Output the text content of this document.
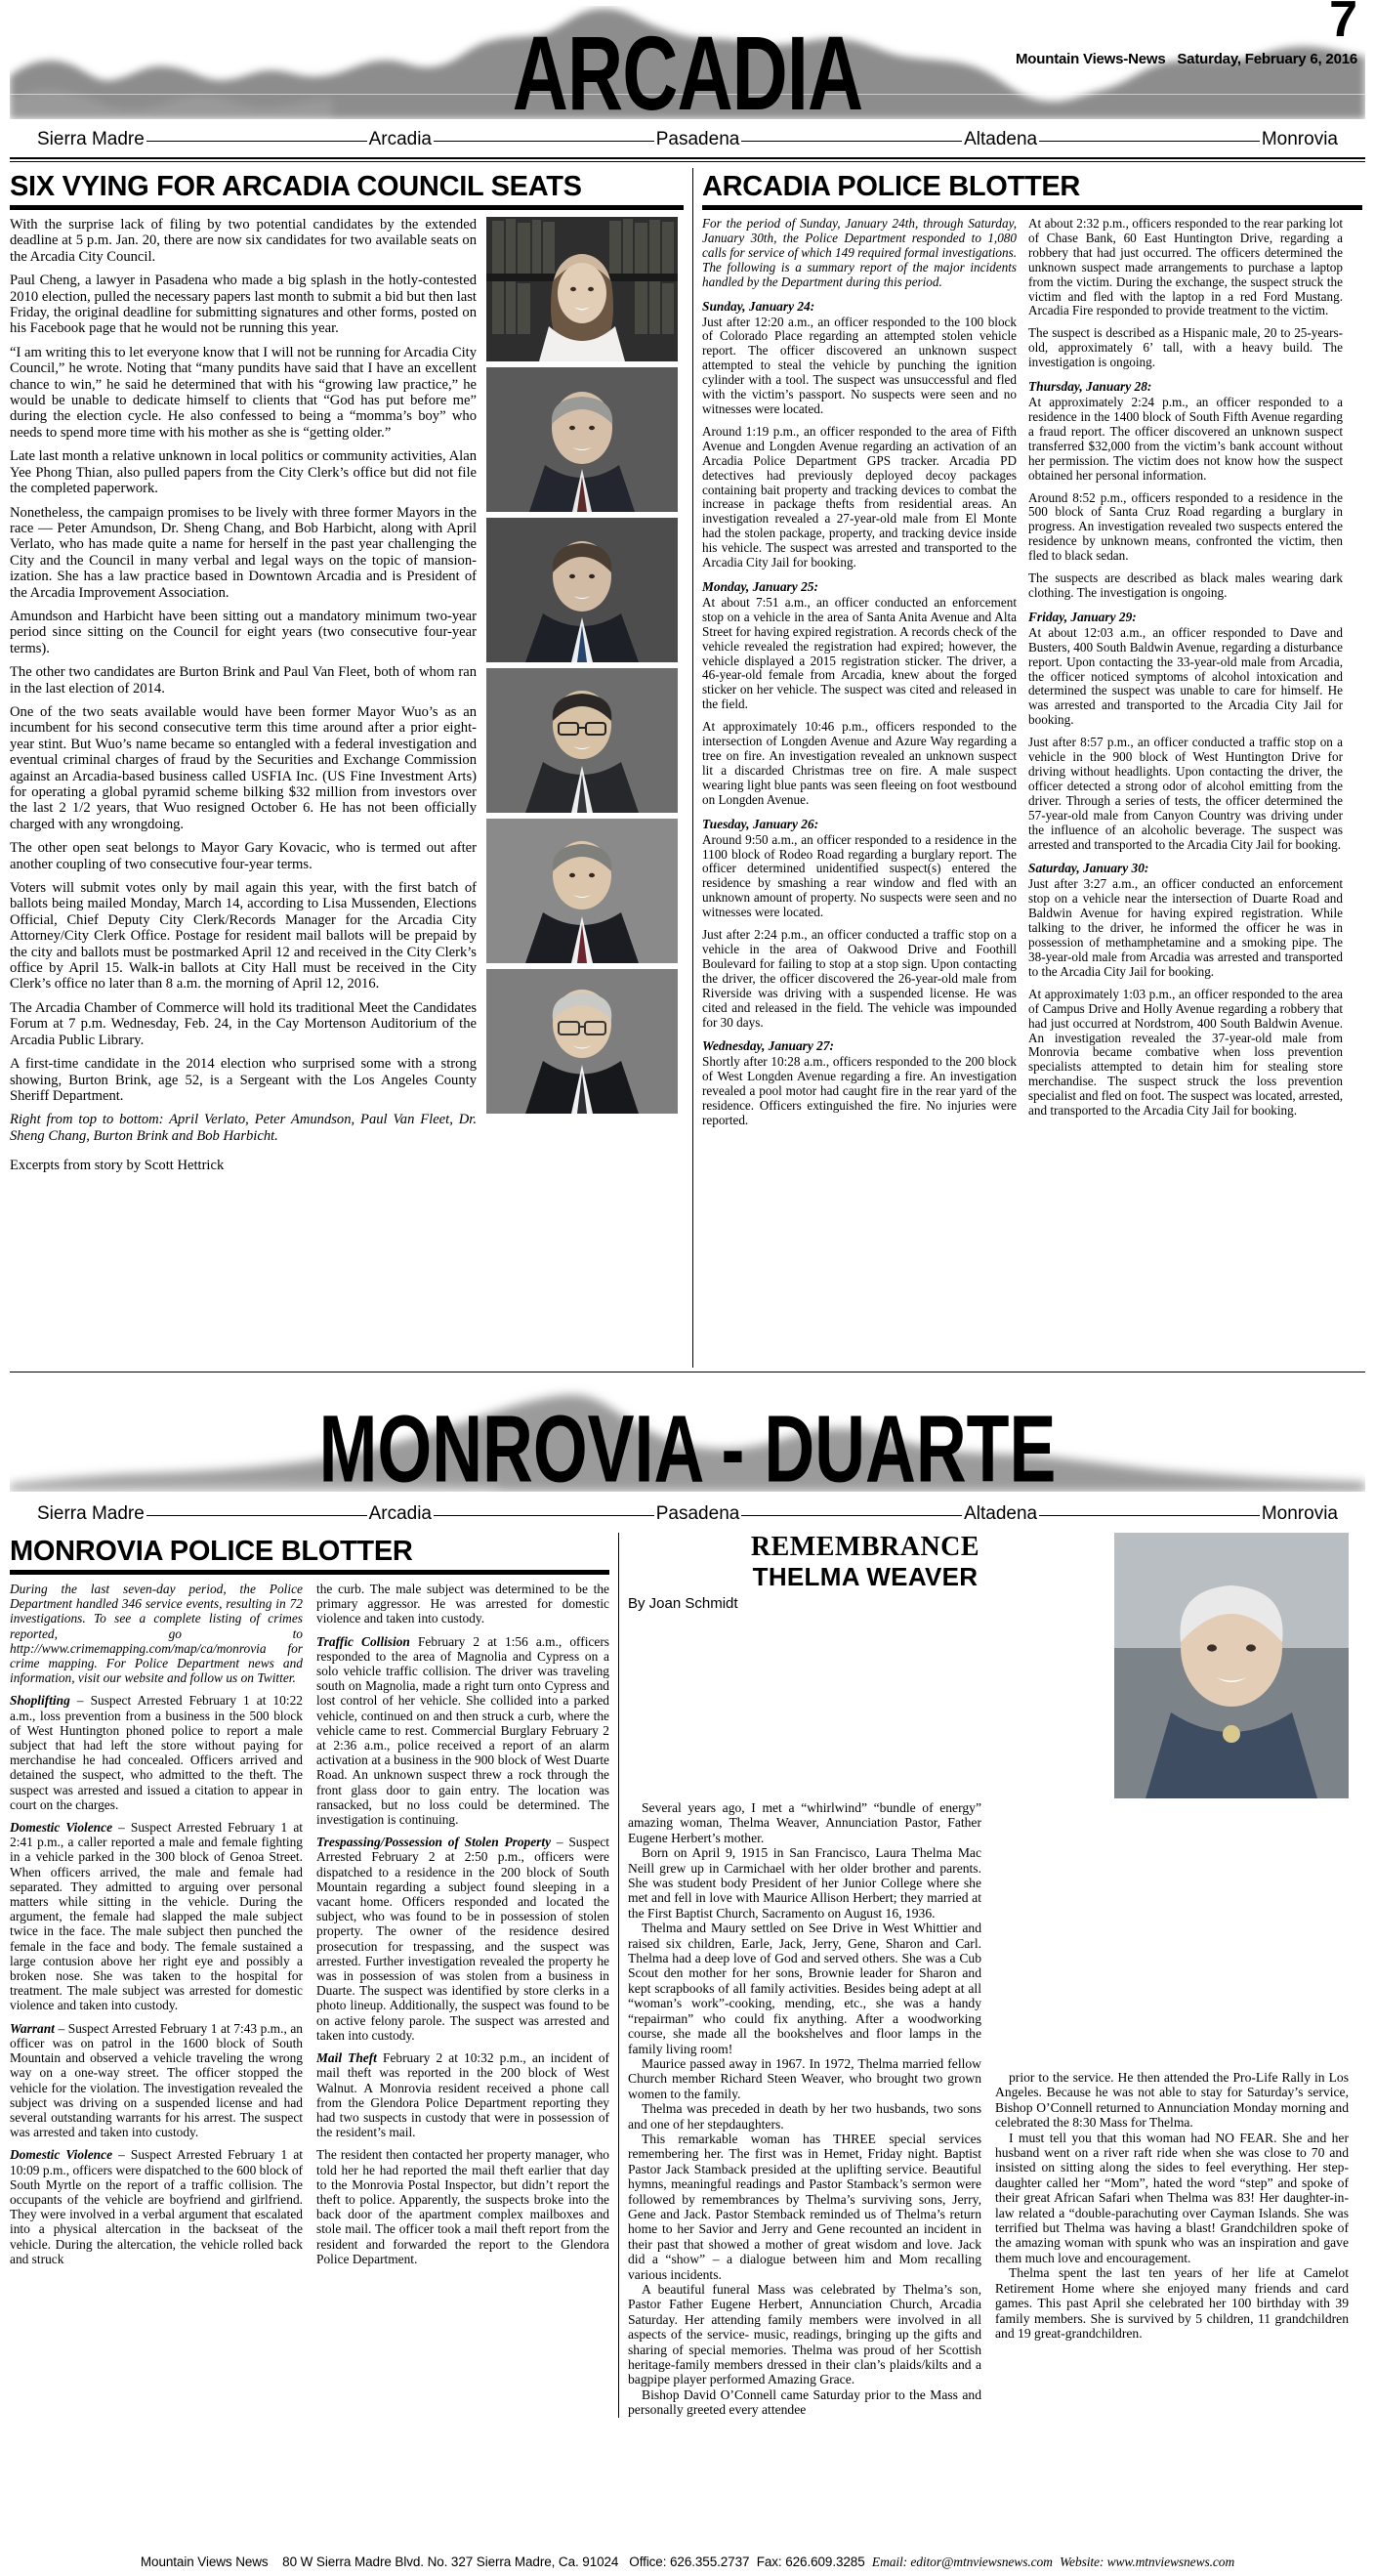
ARCADIA	7
Mountain Views-News Saturday, February 6, 2016
Sierra Madre	Arcadia	Pasadena	Altadena	Monrovia
SIX VYING FOR ARCADIA COUNCIL SEATS

With the surprise lack of filing by two potential candidates by the extended deadline at 5 p.m. Jan. 20, there are now six candidates for two available seats on the Arcadia City Council.

Paul Cheng, a lawyer in Pasadena who made a big splash in the hotly-contested 2010 election, pulled the necessary papers last month to submit a bid but then last Friday, the original deadline for submitting signatures and other forms, posted on his Facebook page that he would not be running this year.

“I am writing this to let everyone know that I will not be running for Arcadia City Council,” he wrote. Noting that “many pundits have said that I have an excellent chance to win,” he said he determined that with his “growing law practice,” he would be unable to dedicate himself to clients that “God has put before me” during the election cycle. He also confessed to being a “momma’s boy” who needs to spend more time with his mother as she is “getting older.”

Late last month a relative unknown in local politics or community activities, Alan Yee Phong Thian, also pulled papers from the City Clerk’s office but did not file the completed paperwork.

Nonetheless, the campaign promises to be lively with three former Mayors in the race — Peter Amundson, Dr. Sheng Chang, and Bob Harbicht, along with April Verlato, who has made quite a name for herself in the past year challenging the City and the Council in many verbal and legal ways on the topic of mansion-ization. She has a law practice based in Downtown Arcadia and is President of the Arcadia Improvement Association.

Amundson and Harbicht have been sitting out a mandatory minimum two-year period since sitting on the Council for eight years (two consecutive four-year terms).

The other two candidates are Burton Brink and Paul Van Fleet, both of whom ran in the last election of 2014.

One of the two seats available would have been former Mayor Wuo’s as an incumbent for his second consecutive term this time around after a prior eight-year stint. But Wuo’s name became so entangled with a federal investigation and eventual criminal charges of fraud by the Securities and Exchange Commission against an Arcadia-based business called USFIA Inc. (US Fine Investment Arts) for operating a global pyramid scheme bilking $32 million from investors over the last 2 1/2 years, that Wuo resigned October 6. He has not been officially charged with any wrongdoing.

The other open seat belongs to Mayor Gary Kovacic, who is termed out after another coupling of two consecutive four-year terms.

Voters will submit votes only by mail again this year, with the first batch of ballots being mailed Monday, March 14, according to Lisa Mussenden, Elections Official, Chief Deputy City Clerk/Records Manager for the Arcadia City Attorney/City Clerk Office. Postage for resident mail ballots will be prepaid by the city and ballots must be postmarked April 12 and received in the City Clerk’s office by April 15. Walk-in ballots at City Hall must be received in the City Clerk’s office no later than 8 a.m. the morning of April 12, 2016.

The Arcadia Chamber of Commerce will hold its traditional Meet the Candidates Forum at 7 p.m. Wednesday, Feb. 24, in the Cay Mortenson Auditorium of the Arcadia Public Library.

A first-time candidate in the 2014 election who surprised some with a strong showing, Burton Brink, age 52, is a Sergeant with the Los Angeles County Sheriff Department.

Right from top to bottom: April Verlato, Peter Amundson, Paul Van Fleet, Dr. Sheng Chang, Burton Brink and Bob Harbicht.

Excerpts from story by Scott Hettrick

ARCADIA POLICE BLOTTER

For the period of Sunday, January 24th, through Saturday, January 30th, the Police Department responded to 1,080 calls for service of which 149 required formal investigations. The following is a summary report of the major incidents handled by the Department during this period.

Sunday, January 24:

Just after 12:20 a.m., an officer responded to the 100 block of Colorado Place regarding an attempted stolen vehicle report. The officer discovered an unknown suspect attempted to steal the vehicle by punching the ignition cylinder with a tool. The suspect was unsuccessful and fled with the victim’s passport. No suspects were seen and no witnesses were located.

Around 1:19 p.m., an officer responded to the area of Fifth Avenue and Longden Avenue regarding an activation of an Arcadia Police Department GPS tracker. Arcadia PD detectives had previously deployed decoy packages containing bait property and tracking devices to combat the increase in package thefts from residential areas. An investigation revealed a 27-year-old male from El Monte had the stolen package, property, and tracking device inside his vehicle. The suspect was arrested and transported to the Arcadia City Jail for booking.

Monday, January 25:

At about 7:51 a.m., an officer conducted an enforcement stop on a vehicle in the area of Santa Anita Avenue and Alta Street for having expired registration. A records check of the vehicle revealed the registration had expired; however, the vehicle displayed a 2015 registration sticker. The driver, a 46-year-old female from Arcadia, knew about the forged sticker on her vehicle. The suspect was cited and released in the field.

At approximately 10:46 p.m., officers responded to the intersection of Longden Avenue and Azure Way regarding a tree on fire. An investigation revealed an unknown suspect lit a discarded Christmas tree on fire. A male suspect wearing light blue pants was seen fleeing on foot westbound on Longden Avenue.

Tuesday, January 26:

Around 9:50 a.m., an officer responded to a residence in the 1100 block of Rodeo Road regarding a burglary report. The officer determined unidentified suspect(s) entered the residence by smashing a rear window and fled with an unknown amount of property. No suspects were seen and no witnesses were located.

Just after 2:24 p.m., an officer conducted a traffic stop on a vehicle in the area of Oakwood Drive and Foothill Boulevard for failing to stop at a stop sign. Upon contacting the driver, the officer discovered the 26-year-old male from Riverside was driving with a suspended license. He was cited and released in the field. The vehicle was impounded for 30 days.

Wednesday, January 27:

Shortly after 10:28 a.m., officers responded to the 200 block of West Longden Avenue regarding a fire. An investigation revealed a pool motor had caught fire in the rear yard of the residence. Officers extinguished the fire. No injuries were reported.

At about 2:32 p.m., officers responded to the rear parking lot of Chase Bank, 60 East Huntington Drive, regarding a robbery that had just occurred. The officers determined the unknown suspect made arrangements to purchase a laptop from the victim. During the exchange, the suspect struck the victim and fled with the laptop in a red Ford Mustang. Arcadia Fire responded to provide treatment to the victim.

The suspect is described as a Hispanic male, 20 to 25-years-old, approximately 6’ tall, with a heavy build. The investigation is ongoing.

Thursday, January 28:

At approximately 2:24 p.m., an officer responded to a residence in the 1400 block of South Fifth Avenue regarding a fraud report. The officer discovered an unknown suspect transferred $32,000 from the victim’s bank account without her permission. The victim does not know how the suspect obtained her personal information.

Around 8:52 p.m., officers responded to a residence in the 500 block of Santa Cruz Road regarding a burglary in progress. An investigation revealed two suspects entered the residence by unknown means, confronted the victim, then fled to black sedan.

The suspects are described as black males wearing dark clothing. The investigation is ongoing.

Friday, January 29:

At about 12:03 a.m., an officer responded to Dave and Busters, 400 South Baldwin Avenue, regarding a disturbance report. Upon contacting the 33-year-old male from Arcadia, the officer noticed symptoms of alcohol intoxication and determined the suspect was unable to care for himself. He was arrested and transported to the Arcadia City Jail for booking.

Just after 8:57 p.m., an officer conducted a traffic stop on a vehicle in the 900 block of West Huntington Drive for driving without headlights. Upon contacting the driver, the officer detected a strong odor of alcohol emitting from the driver. Through a series of tests, the officer determined the 57-year-old male from Canyon Country was driving under the influence of an alcoholic beverage. The suspect was arrested and transported to the Arcadia City Jail for booking.

Saturday, January 30:

Just after 3:27 a.m., an officer conducted an enforcement stop on a vehicle near the intersection of Duarte Road and Baldwin Avenue for having expired registration. While talking to the driver, he informed the officer he was in possession of methamphetamine and a smoking pipe. The 38-year-old male from Arcadia was arrested and transported to the Arcadia City Jail for booking.

At approximately 1:03 p.m., an officer responded to the area of Campus Drive and Holly Avenue regarding a robbery that had just occurred at Nordstrom, 400 South Baldwin Avenue. An investigation revealed the 37-year-old male from Monrovia became combative when loss prevention specialists attempted to detain him for stealing store merchandise. The suspect struck the loss prevention specialist and fled on foot. The suspect was located, arrested, and transported to the Arcadia City Jail for booking.

MONROVIA - DUARTE
Sierra Madre	Arcadia	Pasadena	Altadena	Monrovia
MONROVIA POLICE BLOTTER

During the last seven-day period, the Police Department handled 346 service events, resulting in 72 investigations. To see a complete listing of crimes reported, go to http://www.crimemapping.com/map/ca/monrovia for crime mapping. For Police Department news and information, visit our website and follow us on Twitter.

Shoplifting – Suspect Arrested February 1 at 10:22 a.m., loss prevention from a business in the 500 block of West Huntington phoned police to report a male subject that had left the store without paying for merchandise he had concealed. Officers arrived and detained the suspect, who admitted to the theft. The suspect was arrested and issued a citation to appear in court on the charges.

Domestic Violence – Suspect Arrested February 1 at 2:41 p.m., a caller reported a male and female fighting in a vehicle parked in the 300 block of Genoa Street. When officers arrived, the male and female had separated. They admitted to arguing over personal matters while sitting in the vehicle. During the argument, the female had slapped the male subject twice in the face. The male subject then punched the female in the face and body. The female sustained a large contusion above her right eye and possibly a broken nose. She was taken to the hospital for treatment. The male subject was arrested for domestic violence and taken into custody.

Warrant – Suspect Arrested February 1 at 7:43 p.m., an officer was on patrol in the 1600 block of South Mountain and observed a vehicle traveling the wrong way on a one-way street. The officer stopped the vehicle for the violation. The investigation revealed the subject was driving on a suspended license and had several outstanding warrants for his arrest. The suspect was arrested and taken into custody.

Domestic Violence – Suspect Arrested February 1 at 10:09 p.m., officers were dispatched to the 600 block of South Myrtle on the report of a traffic collision. The occupants of the vehicle are boyfriend and girlfriend. They were involved in a verbal argument that escalated into a physical altercation in the backseat of the vehicle. During the altercation, the vehicle rolled back and struck

the curb. The male subject was determined to be the primary aggressor. He was arrested for domestic violence and taken into custody.

Traffic Collision February 2 at 1:56 a.m., officers responded to the area of Magnolia and Cypress on a solo vehicle traffic collision. The driver was traveling south on Magnolia, made a right turn onto Cypress and lost control of her vehicle. She collided into a parked vehicle, continued on and then struck a curb, where the vehicle came to rest. Commercial Burglary February 2 at 2:36 a.m., police received a report of an alarm activation at a business in the 900 block of West Duarte Road. An unknown suspect threw a rock through the front glass door to gain entry. The location was ransacked, but no loss could be determined. The investigation is continuing.

Trespassing/Possession of Stolen Property – Suspect Arrested February 2 at 2:50 p.m., officers were dispatched to a residence in the 200 block of South Mountain regarding a subject found sleeping in a vacant home. Officers responded and located the subject, who was found to be in possession of stolen property. The owner of the residence desired prosecution for trespassing, and the suspect was arrested. Further investigation revealed the property he was in possession of was stolen from a business in Duarte. The suspect was identified by store clerks in a photo lineup. Additionally, the suspect was found to be on active felony parole. The suspect was arrested and taken into custody.

Mail Theft February 2 at 10:32 p.m., an incident of mail theft was reported in the 200 block of West Walnut. A Monrovia resident received a phone call from the Glendora Police Department reporting they had two suspects in custody that were in possession of the resident’s mail.

The resident then contacted her property manager, who told her he had reported the mail theft earlier that day to the Monrovia Postal Inspector, but didn’t report the theft to police. Apparently, the suspects broke into the back door of the apartment complex mailboxes and stole mail. The officer took a mail theft report from the resident and forwarded the report to the Glendora Police Department.

REMEMBRANCE
THELMA WEAVER
By Joan Schmidt

Several years ago, I met a “whirlwind” “bundle of energy” amazing woman, Thelma Weaver, Annunciation Pastor, Father Eugene Herbert’s mother.

Born on April 9, 1915 in San Francisco, Laura Thelma Mac Neill grew up in Carmichael with her older brother and parents. She was student body President of her Junior College where she met and fell in love with Maurice Allison Herbert; they married at the First Baptist Church, Sacramento on August 16, 1936.

Thelma and Maury settled on See Drive in West Whittier and raised six children, Earle, Jack, Jerry, Gene, Sharon and Carl. Thelma had a deep love of God and served others. She was a Cub Scout den mother for her sons, Brownie leader for Sharon and kept scrapbooks of all family activities. Besides being adept at all “woman’s work”-cooking, mending, etc., she was a handy “repairman” who could fix anything. After a woodworking course, she made all the bookshelves and floor lamps in the family living room!

Maurice passed away in 1967. In 1972, Thelma married fellow Church member Richard Steen Weaver, who brought two grown women to the family.

Thelma was preceded in death by her two husbands, two sons and one of her stepdaughters.

This remarkable woman has THREE special services remembering her. The first was in Hemet, Friday night. Baptist Pastor Jack Stamback presided at the uplifting service. Beautiful hymns, meaningful readings and Pastor Stamback’s sermon were followed by remembrances by Thelma’s surviving sons, Jerry, Gene and Jack. Pastor Stemback reminded us of Thelma’s return home to her Savior and Jerry and Gene recounted an incident in their past that showed a mother of great wisdom and love. Jack did a “show” – a dialogue between him and Mom recalling various incidents.

A beautiful funeral Mass was celebrated by Thelma’s son, Pastor Father Eugene Herbert, Annunciation Church, Arcadia Saturday. Her attending family members were involved in all aspects of the service- music, readings, bringing up the gifts and sharing of special memories. Thelma was proud of her Scottish heritage-family members dressed in their clan’s plaids/kilts and a bagpipe player performed Amazing Grace.

Bishop David O’Connell came Saturday prior to the Mass and personally greeted every attendee

prior to the service. He then attended the Pro-Life Rally in Los Angeles. Because he was not able to stay for Saturday’s service, Bishop O’Connell returned to Annunciation Monday morning and celebrated the 8:30 Mass for Thelma.

I must tell you that this woman had NO FEAR. She and her husband went on a river raft ride when she was close to 70 and insisted on sitting along the sides to feel everything. Her step-daughter called her “Mom”, hated the word “step” and spoke of their great African Safari when Thelma was 83! Her daughter-in-law related a “double-parachuting over Cayman Islands. She was terrified but Thelma was having a blast! Grandchildren spoke of the amazing woman with spunk who was an inspiration and gave them much love and encouragement.

Thelma spent the last ten years of her life at Camelot Retirement Home where she enjoyed many friends and card games. This past April she celebrated her 100 birthday with 39 family members. She is survived by 5 children, 11 grandchildren and 19 great-grandchildren.

Mountain Views News 80 W Sierra Madre Blvd. No. 327 Sierra Madre, Ca. 91024 Office: 626.355.2737 Fax: 626.609.3285 Email: editor@mtnviewsnews.com Website: www.mtnviewsnews.com
